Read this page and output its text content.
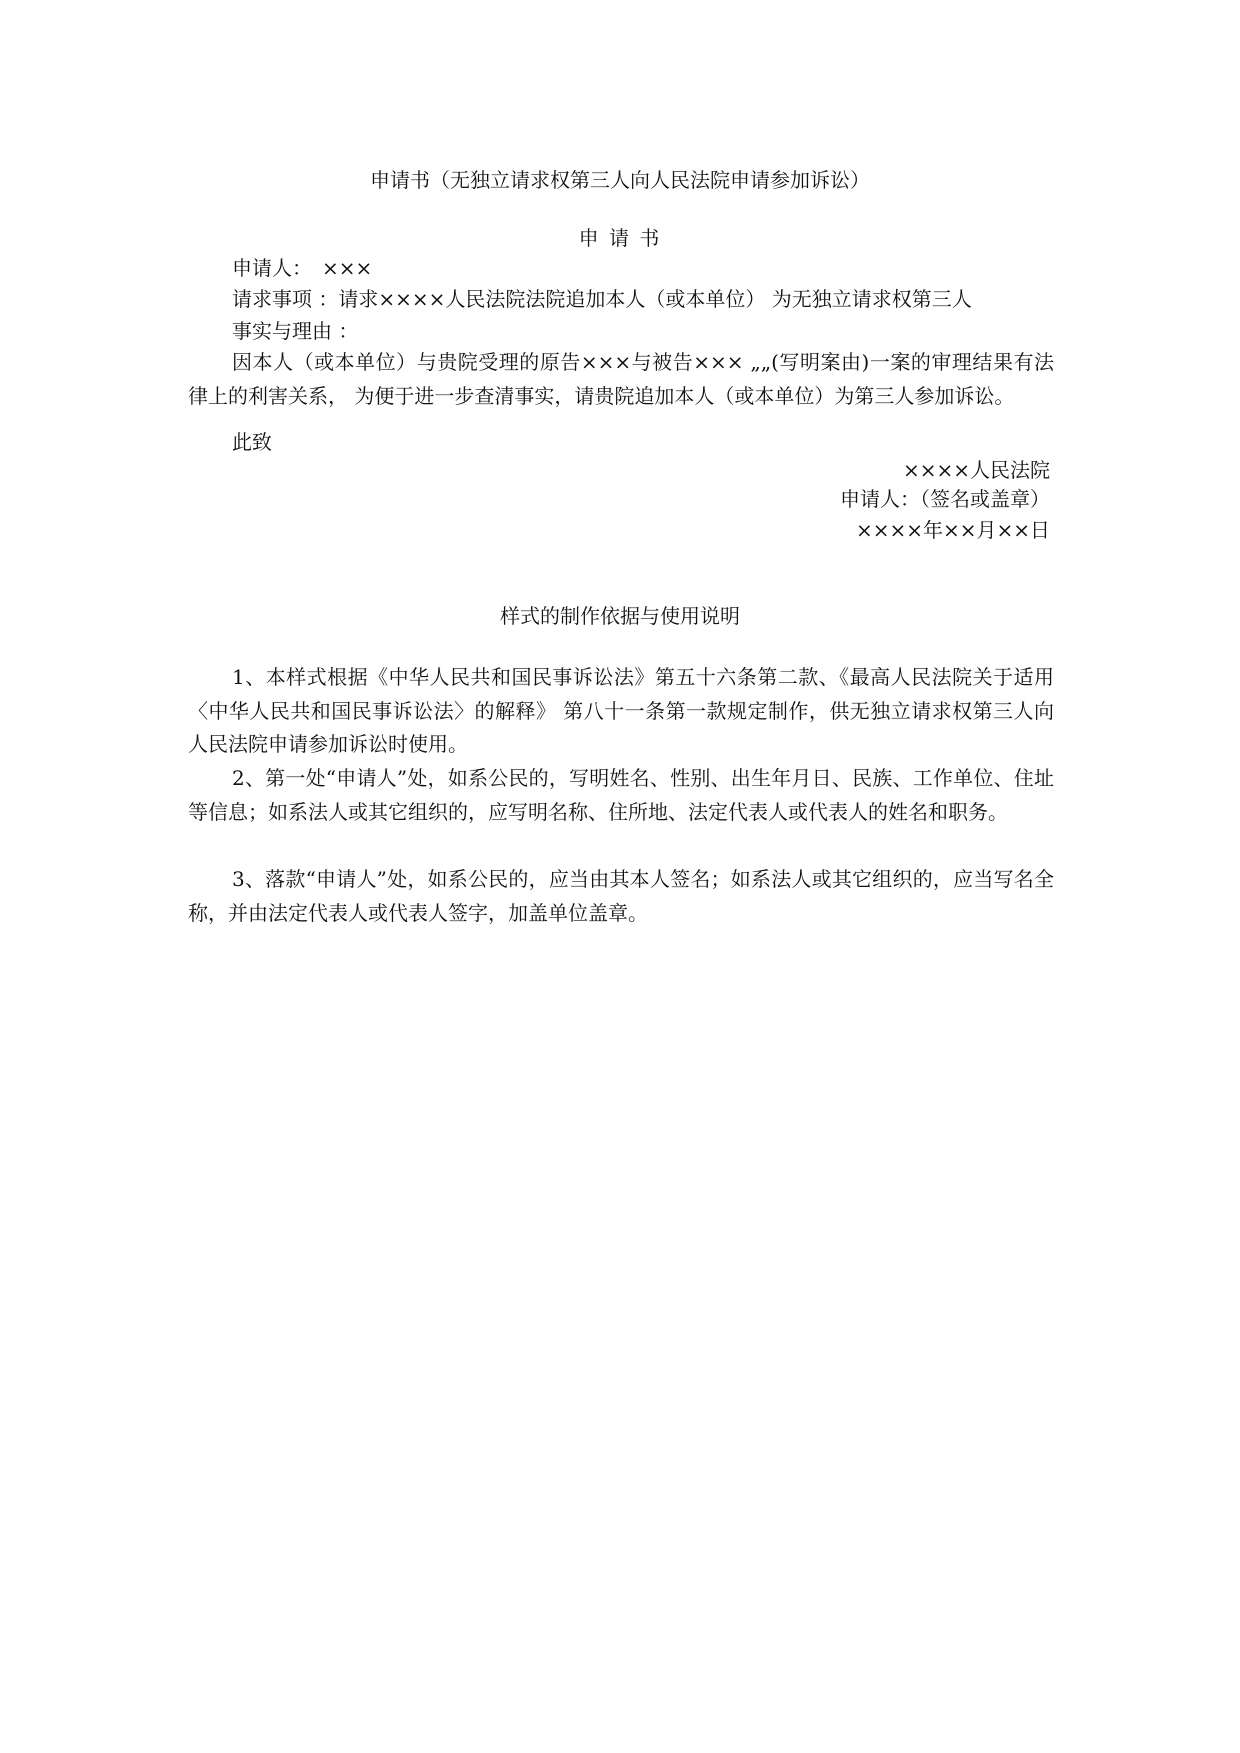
申请书（无独立请求权第三人向人民法院申请参加诉讼）
申 请 书
申请人：　×××
请求事项 ：请求××××人民法院法院追加本人（或本单位） 为无独立请求权第三人
事实与理由 ：
因本人（或本单位）与贵院受理的原告×××与被告××× „„(写明案由)一案的审理结果有法律上的利害关系， 为便于进一步查清事实，请贵院追加本人（或本单位）为第三人参加诉讼。
此致
××××人民法院
申请人：（签名或盖章）
××××年××月××日
样式的制作依据与使用说明
1、本样式根据《中华人民共和国民事诉讼法》第五十六条第二款、《最高人民法院关于适用〈中华人民共和国民事诉讼法〉的解释》 第八十一条第一款规定制作，供无独立请求权第三人向人民法院申请参加诉讼时使用。
2、第一处“申请人”处，如系公民的，写明姓名、性别、出生年月日、民族、工作单位、住址等信息；如系法人或其它组织的，应写明名称、住所地、法定代表人或代表人的姓名和职务。
3、落款“申请人”处，如系公民的，应当由其本人签名；如系法人或其它组织的，应当写名全称，并由法定代表人或代表人签字，加盖单位盖章。
